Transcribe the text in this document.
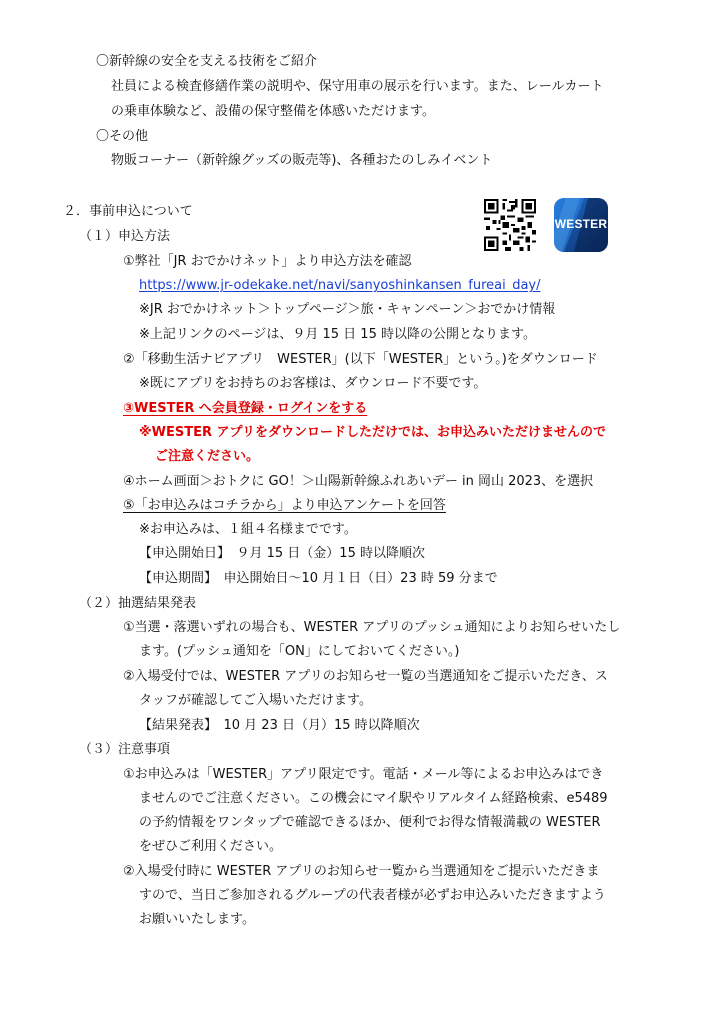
〇新幹線の安全を支える技術をご紹介
社員による検査修繕作業の説明や、保守用車の展示を行います。また、レールカート
の乗車体験など、設備の保守整備を体感いただけます。
〇その他
物販コーナー（新幹線グッズの販売等)、各種おたのしみイベント
２．事前申込について
WESTER
（１）申込方法
①弊社「JR おでかけネット」より申込方法を確認
https://www.jr-odekake.net/navi/sanyoshinkansen_fureai_day/
※JR おでかけネット＞トップページ＞旅・キャンペーン＞おでかけ情報
※上記リンクのページは、９月 15 日 15 時以降の公開となります。
②「移動生活ナビアプリ　WESTER」(以下「WESTER」という。)をダウンロード
※既にアプリをお持ちのお客様は、ダウンロード不要です。
③WESTER へ会員登録・ログインをする
※WESTER アプリをダウンロードしただけでは、お申込みいただけませんので
ご注意ください。
④ホーム画面＞おトクに GO！＞山陽新幹線ふれあいデー in 岡山 2023、を選択
⑤「お申込みはコチラから」より申込アンケートを回答
※お申込みは、１組４名様までです。
【申込開始日】　９月 15 日（金）15 時以降順次
【申込期間】　申込開始日～10 月１日（日）23 時 59 分まで
（２）抽選結果発表
①当選・落選いずれの場合も、WESTER アプリのプッシュ通知によりお知らせいたし
ます。(プッシュ通知を「ON」にしておいてください。)
②入場受付では、WESTER アプリのお知らせ一覧の当選通知をご提示いただき、ス
タッフが確認してご入場いただけます。
【結果発表】　10 月 23 日（月）15 時以降順次
（３）注意事項
①お申込みは「WESTER」アプリ限定です。電話・メール等によるお申込みはでき
ませんのでご注意ください。この機会にマイ駅やリアルタイム経路検索、e5489
の予約情報をワンタップで確認できるほか、便利でお得な情報満載の WESTER
をぜひご利用ください。
②入場受付時に WESTER アプリのお知らせ一覧から当選通知をご提示いただきま
すので、当日ご参加されるグループの代表者様が必ずお申込みいただきますよう
お願いいたします。
